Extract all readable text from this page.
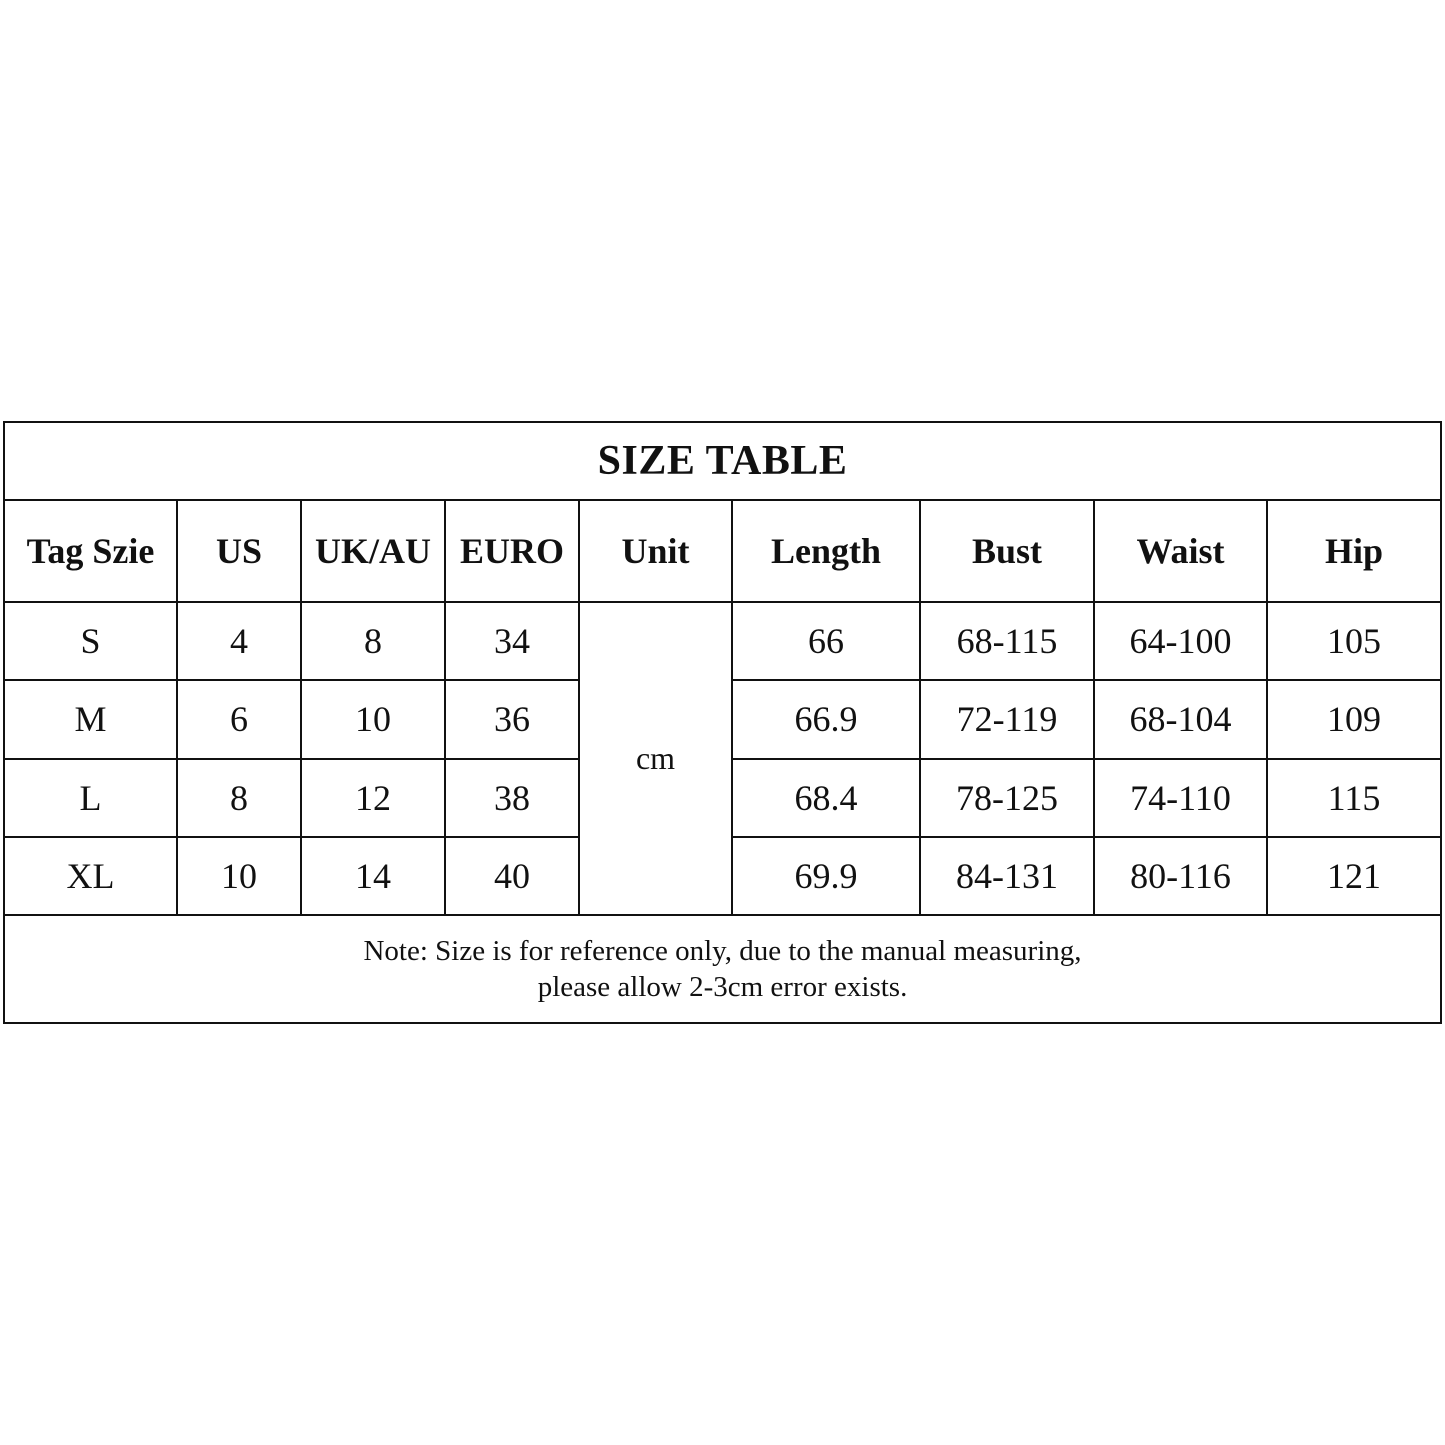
SIZE TABLE								
Tag Szie	US	UK/AU	EURO	Unit	Length	Bust	Waist	Hip
S	4	8	34	cm	66	68-115	64-100	105
M	6	10	36		66.9	72-119	68-104	109
L	8	12	38		68.4	78-125	74-110	115
XL	10	14	40		69.9	84-131	80-116	121

Note: Size is for reference only, due to the manual measuring,
please allow 2-3cm error exists.								
